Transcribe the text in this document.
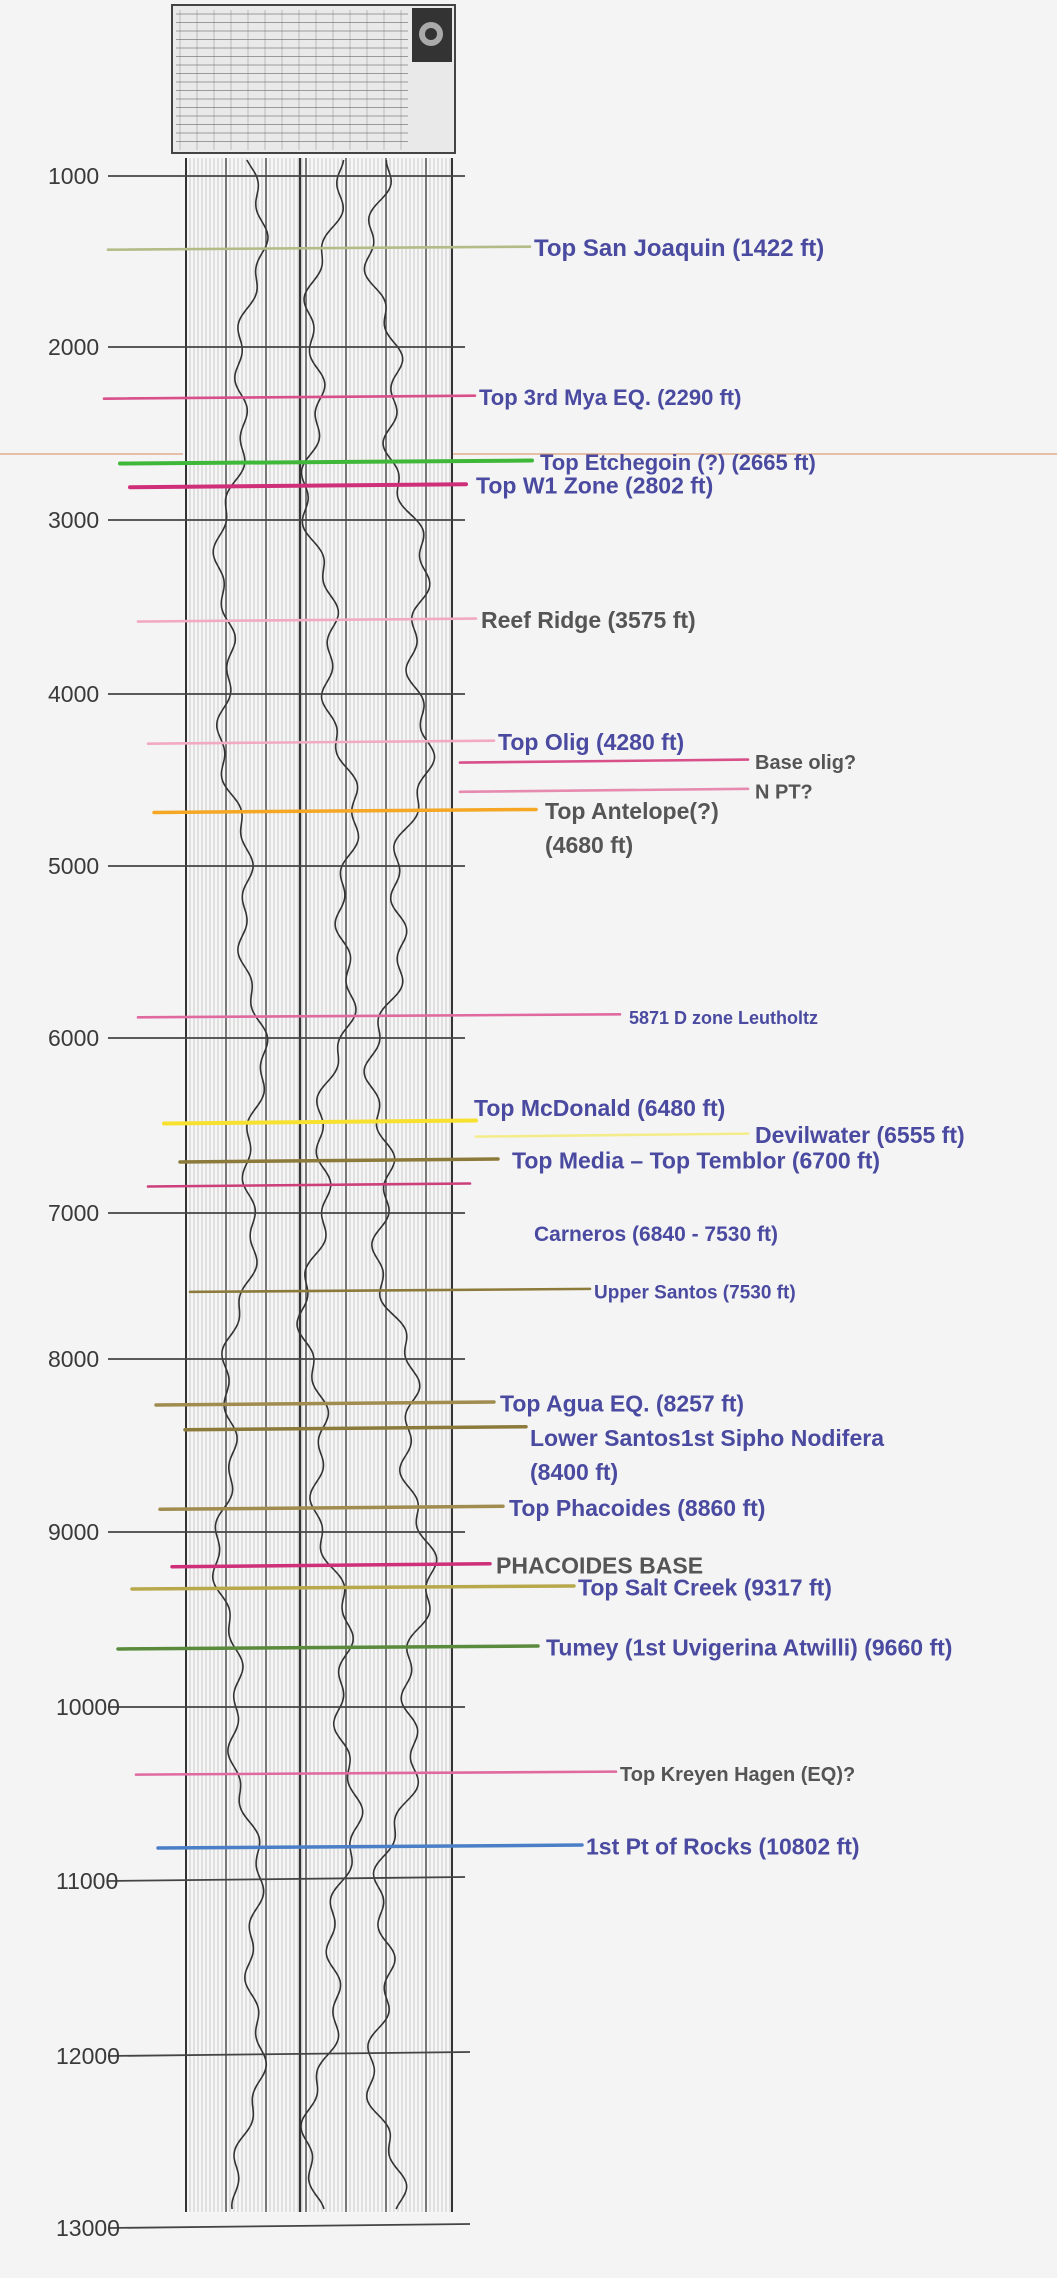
1000
2000
3000
4000
5000
6000
7000
8000
9000
10000
11000
12000
13000
Top San Joaquin (1422 ft)
Top 3rd Mya EQ. (2290 ft)
Top Etchegoin (?) (2665 ft)
Top W1 Zone (2802 ft)
Reef Ridge (3575 ft)
Top Olig (4280 ft)
Base olig?
N PT?
Top Antelope(?)
(4680 ft)
5871 D zone Leutholtz
Top McDonald (6480 ft)
Devilwater (6555 ft)
Top Media – Top Temblor (6700 ft)
Carneros (6840 - 7530 ft)
Upper Santos (7530 ft)
Top Agua EQ. (8257 ft)
Lower Santos1st Sipho Nodifera
(8400 ft)
Top Phacoides (8860 ft)
PHACOIDES BASE
Top Salt Creek (9317 ft)
Tumey (1st Uvigerina Atwilli) (9660 ft)
Top Kreyen Hagen (EQ)?
1st Pt of Rocks (10802 ft)
